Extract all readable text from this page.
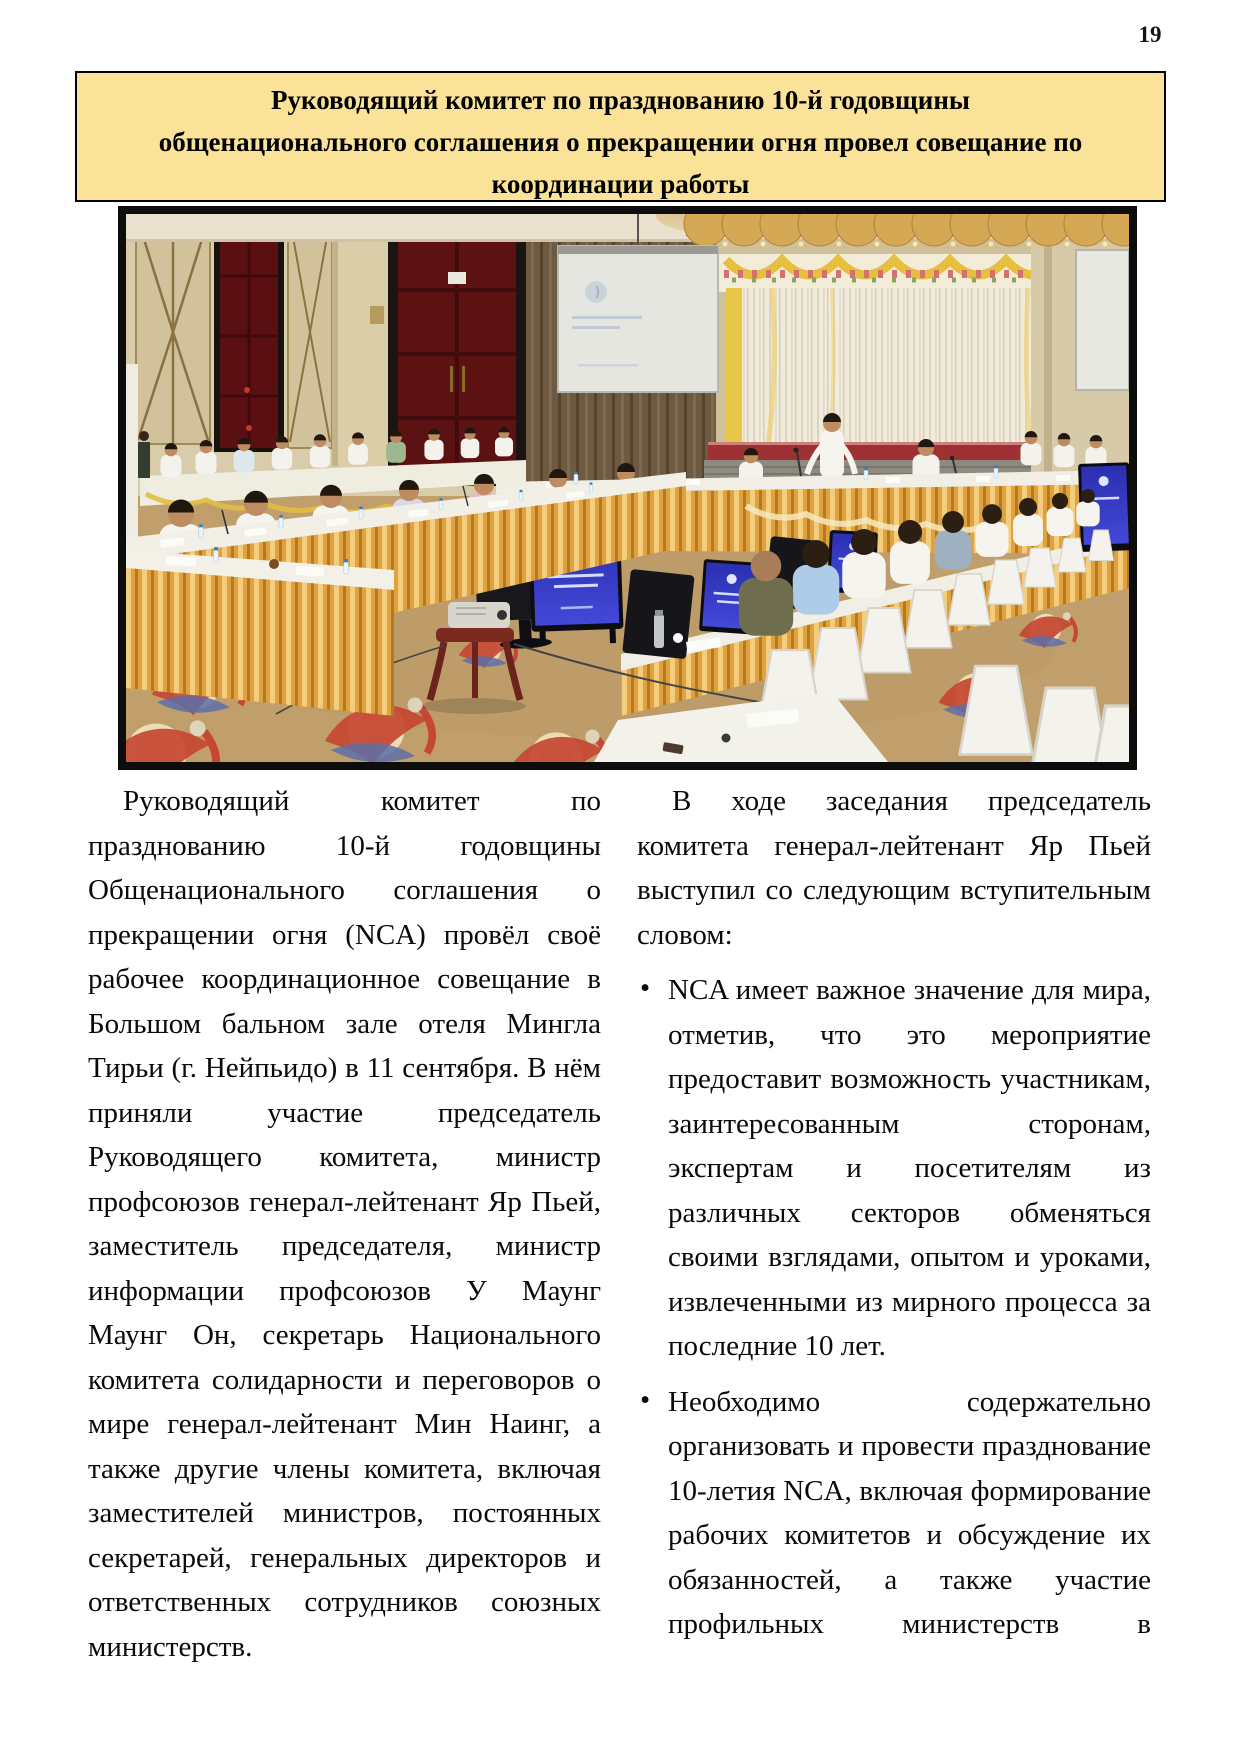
19
Руководящий комитет по празднованию 10-й годовщины
общенационального соглашения о прекращении огня провел совещание по
координации работы

Руководящий комитет по празднованию 10-й годовщины Общенационального соглашения о прекращении огня (NCA) провёл своё рабочее координационное совещание в Большом бальном зале отеля Мингла Тирьи (г. Нейпьидо) в 11 сентября. В нём приняли участие председатель Руководящего комитета, министр профсоюзов генерал-лейтенант Яр Пьей, заместитель председателя, министр информации профсоюзов У Маунг Маунг Он, секретарь Национального комитета солидарности и переговоров о мире генерал-лейтенант Мин Наинг, а также другие члены комитета, включая заместителей министров, постоянных секретарей, генеральных директоров и ответственных сотрудников союзных министерств.

В ходе заседания председатель комитета генерал-лейтенант Яр Пьей выступил со следующим вступительным словом:

• NCA имеет важное значение для мира, отметив, что это мероприятие предоставит возможность участникам, заинтересованным сторонам, экспертам и посетителям из различных секторов обменяться своими взглядами, опытом и уроками, извлеченными из мирного процесса за последние 10 лет.

• Необходимо содержательно организовать и провести празднование 10-летия NCA, включая формирование рабочих комитетов и обсуждение их обязанностей, а также участие профильных министерств в
